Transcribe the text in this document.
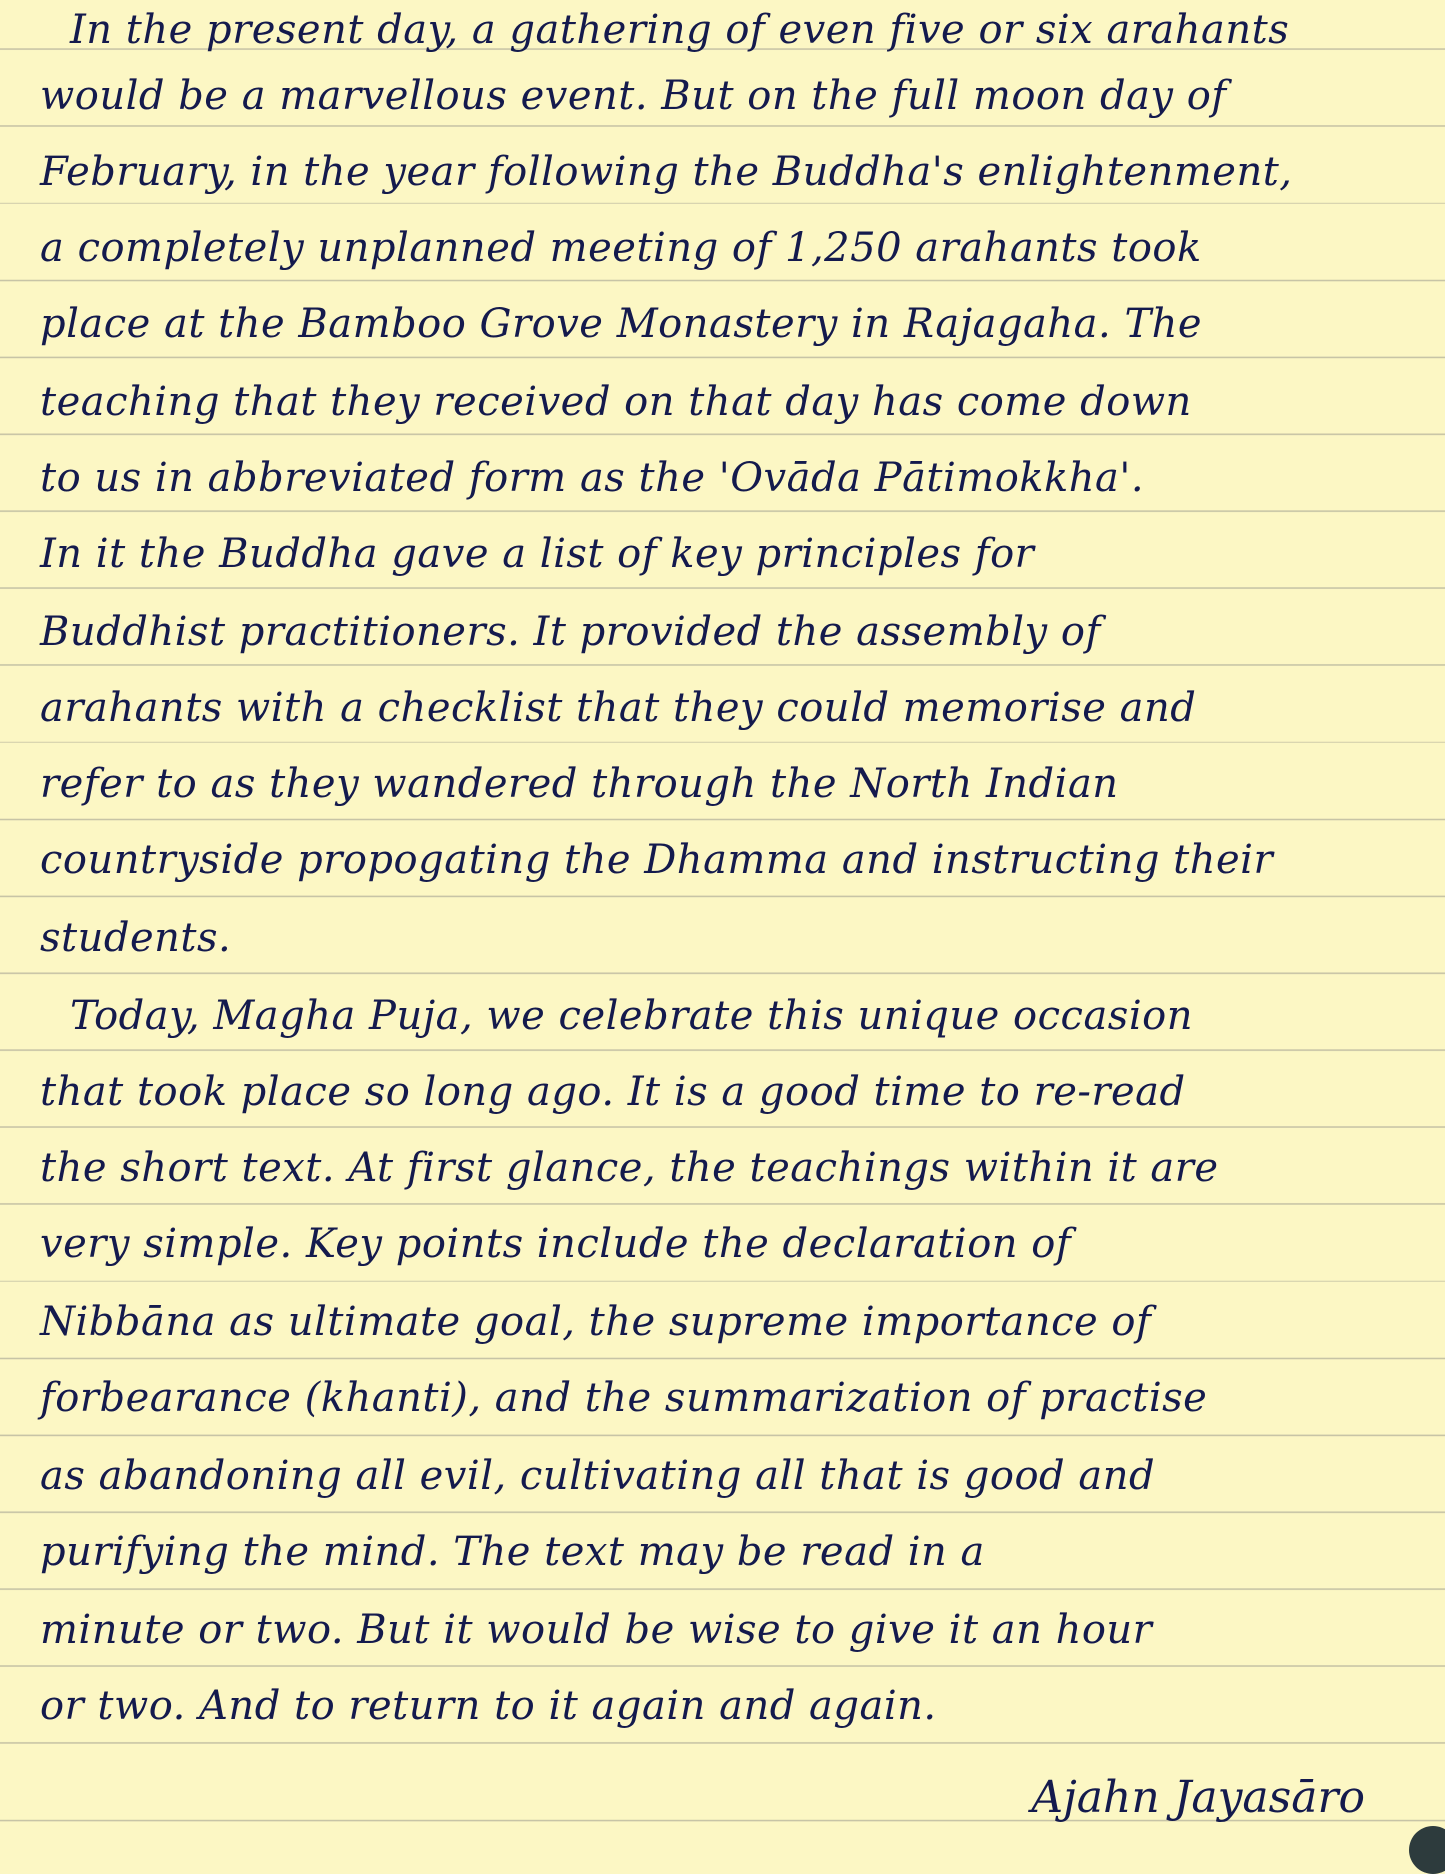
In the present day, a gathering of even five or six arahants
would be a marvellous event. But on the full moon day of
February, in the year following the Buddha's enlightenment,
a completely unplanned meeting of 1,250 arahants took
place at the Bamboo Grove Monastery in Rajagaha. The
teaching that they received on that day has come down
to us in abbreviated form as the 'Ovāda Pātimokkha'.
In it the Buddha gave a list of key principles for
Buddhist practitioners. It provided the assembly of
arahants with a checklist that they could memorise and
refer to as they wandered through the North Indian
countryside propogating the Dhamma and instructing their
students.
Today, Magha Puja, we celebrate this unique occasion
that took place so long ago. It is a good time to re-read
the short text. At first glance, the teachings within it are
very simple. Key points include the declaration of
Nibbāna as ultimate goal, the supreme importance of
forbearance (khanti), and the summarization of practise
as abandoning all evil, cultivating all that is good and
purifying the mind. The text may be read in a
minute or two. But it would be wise to give it an hour
or two. And to return to it again and again.
Ajahn Jayasāro
